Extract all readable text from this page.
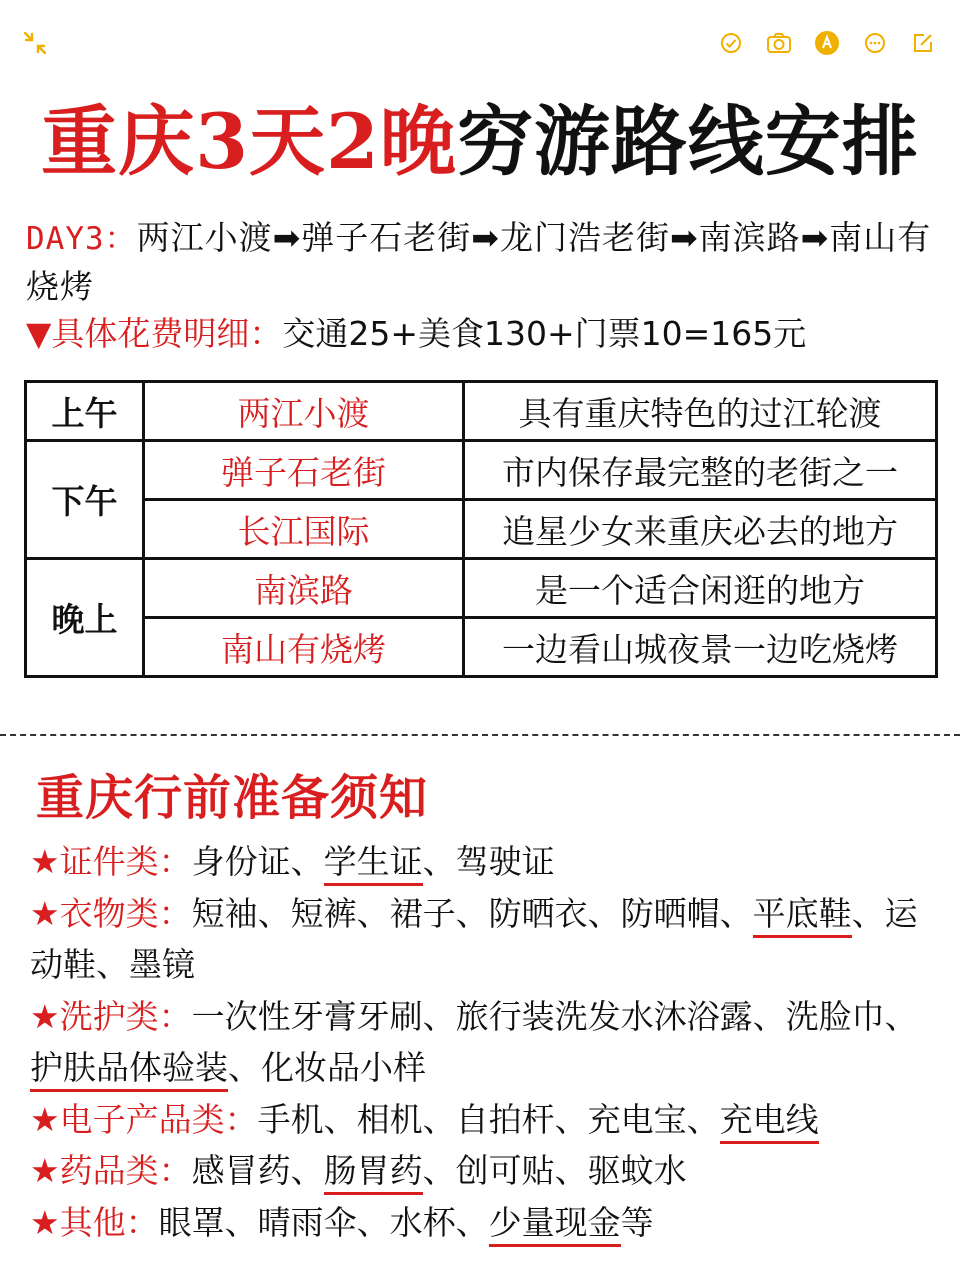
重庆3天2晚穷游路线安排
DAY3：两江小渡➡弹子石老街➡龙门浩老街➡南滨路➡南山有烧烤
▼具体花费明细：交通25+美食130+门票10=165元
上午	两江小渡	具有重庆特色的过江轮渡
下午	弹子石老街	市内保存最完整的老街之一
	长江国际	追星少女来重庆必去的地方
晚上	南滨路	是一个适合闲逛的地方
	南山有烧烤	一边看山城夜景一边吃烧烤
重庆行前准备须知
★证件类：身份证、学生证、驾驶证
★衣物类：短袖、短裤、裙子、防晒衣、防晒帽、平底鞋、运动鞋、墨镜
★洗护类：一次性牙膏牙刷、旅行装洗发水沐浴露、洗脸巾、护肤品体验装、化妆品小样
★电子产品类：手机、相机、自拍杆、充电宝、充电线
★药品类：感冒药、肠胃药、创可贴、驱蚊水
★其他：眼罩、晴雨伞、水杯、少量现金等
